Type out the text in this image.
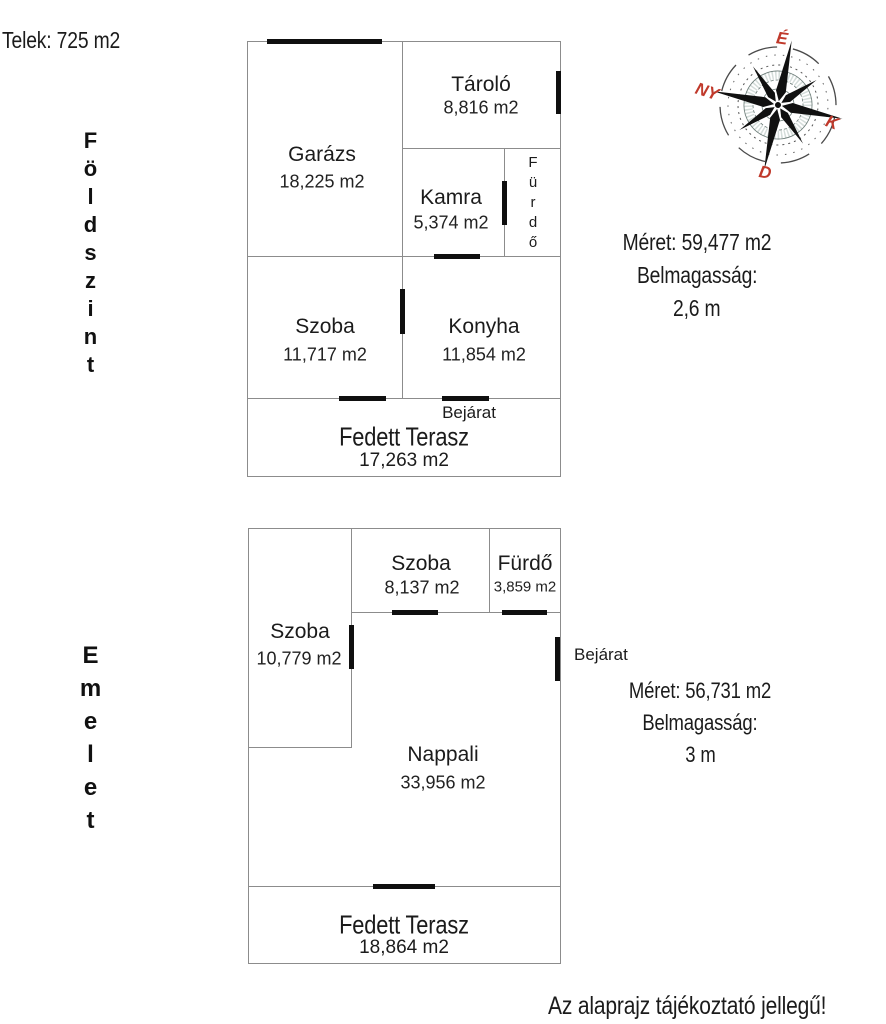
Telek: 725 m2
Földszint
Emelet
Garázs
18,225 m2
Tároló
8,816 m2
Kamra
5,374 m2 Fürdő
Szoba
11,717 m2
Konyha
11,854 m2
Bejárat
Fedett Terasz
17,263 m2
Szoba
10,779 m2
Szoba
8,137 m2
Fürdő
3,859 m2
Nappali
33,956 m2
Fedett Terasz
18,864 m2
Bejárat
É
NY
K
D
Méret: 59,477 m2
Belmagasság:
2,6 m
Méret: 56,731 m2
Belmagasság:
3 m
Az alaprajz tájékoztató jellegű!
